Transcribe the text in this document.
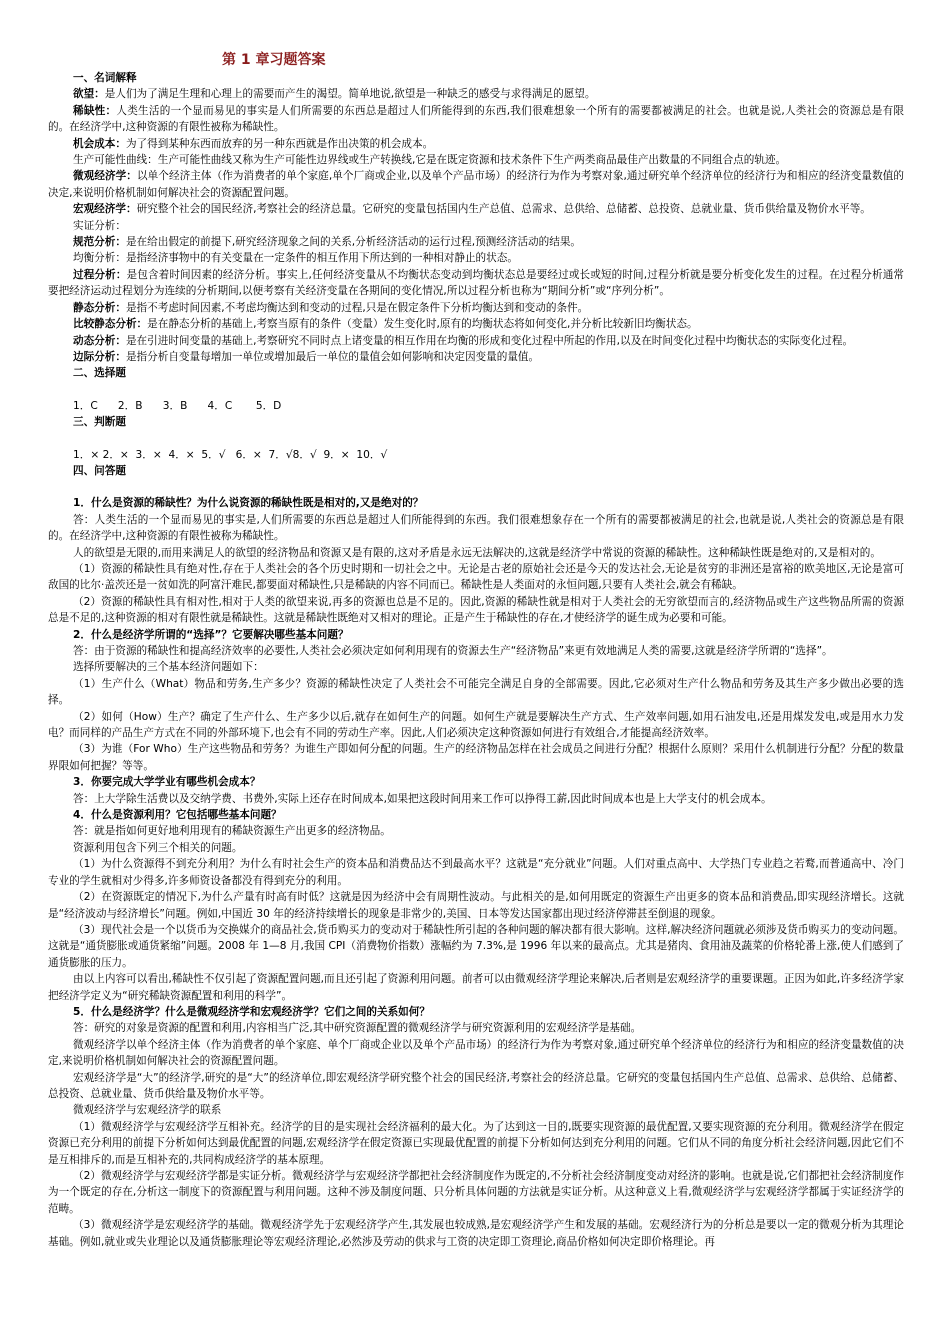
第 1 章习题答案
一、名词解释

欲望：是人们为了满足生理和心理上的需要而产生的渴望。简单地说,欲望是一种缺乏的感受与求得满足的愿望。

稀缺性：人类生活的一个显而易见的事实是人们所需要的东西总是超过人们所能得到的东西,我们很难想象一个所有的需要都被满足的社会。也就是说,人类社会的资源总是有限的。在经济学中,这种资源的有限性被称为稀缺性。

机会成本：为了得到某种东西而放弃的另一种东西就是作出决策的机会成本。

生产可能性曲线：生产可能性曲线又称为生产可能性边界线或生产转换线,它是在既定资源和技术条件下生产两类商品最佳产出数量的不同组合点的轨迹。

微观经济学：以单个经济主体（作为消费者的单个家庭,单个厂商或企业,以及单个产品市场）的经济行为作为考察对象,通过研究单个经济单位的经济行为和相应的经济变量数值的决定,来说明价格机制如何解决社会的资源配置问题。

宏观经济学：研究整个社会的国民经济,考察社会的经济总量。它研究的变量包括国内生产总值、总需求、总供给、总储蓄、总投资、总就业量、货币供给量及物价水平等。

实证分析：

规范分析：是在给出假定的前提下,研究经济现象之间的关系,分析经济活动的运行过程,预测经济活动的结果。

均衡分析：是指经济事物中的有关变量在一定条件的相互作用下所达到的一种相对静止的状态。

过程分析：是包含着时间因素的经济分析。事实上,任何经济变量从不均衡状态变动到均衡状态总是要经过或长或短的时间,过程分析就是要分析变化发生的过程。在过程分析通常要把经济运动过程划分为连续的分析期间,以便考察有关经济变量在各期间的变化情况,所以过程分析也称为“期间分析”或“序列分析”。

静态分析：是指不考虑时间因素,不考虑均衡达到和变动的过程,只是在假定条件下分析均衡达到和变动的条件。

比较静态分析：是在静态分析的基础上,考察当原有的条件（变量）发生变化时,原有的均衡状态将如何变化,并分析比较新旧均衡状态。

动态分析：是在引进时间变量的基础上,考察研究不同时点上诸变量的相互作用在均衡的形成和变化过程中所起的作用,以及在时间变化过程中均衡状态的实际变化过程。

边际分析：是指分析自变量每增加一单位或增加最后一单位的量值会如何影响和决定因变量的量值。

二、选择题
1．C      2．B      3．B      4．C       5．D
三、判断题
1．× 2．×  3．×  4．×  5．√   6．×  7．√8．√  9．×  10．√
四、问答题

1．什么是资源的稀缺性？为什么说资源的稀缺性既是相对的,又是绝对的？

答：人类生活的一个显而易见的事实是,人们所需要的东西总是超过人们所能得到的东西。我们很难想象存在一个所有的需要都被满足的社会,也就是说,人类社会的资源总是有限的。在经济学中,这种资源的有限性被称为稀缺性。

人的欲望是无限的,而用来满足人的欲望的经济物品和资源又是有限的,这对矛盾是永远无法解决的,这就是经济学中常说的资源的稀缺性。这种稀缺性既是绝对的,又是相对的。

（1）资源的稀缺性具有绝对性,存在于人类社会的各个历史时期和一切社会之中。无论是古老的原始社会还是今天的发达社会,无论是贫穷的非洲还是富裕的欧美地区,无论是富可敌国的比尔·盖茨还是一贫如洗的阿富汗难民,都要面对稀缺性,只是稀缺的内容不同而已。稀缺性是人类面对的永恒问题,只要有人类社会,就会有稀缺。

（2）资源的稀缺性具有相对性,相对于人类的欲望来说,再多的资源也总是不足的。因此,资源的稀缺性就是相对于人类社会的无穷欲望而言的,经济物品或生产这些物品所需的资源总是不足的,这种资源的相对有限性就是稀缺性。这就是稀缺性既绝对又相对的理论。正是产生于稀缺性的存在,才使经济学的诞生成为必要和可能。

2．什么是经济学所谓的“选择”？它要解决哪些基本问题？

答：由于资源的稀缺性和提高经济效率的必要性,人类社会必须决定如何利用现有的资源去生产“经济物品”来更有效地满足人类的需要,这就是经济学所谓的“选择”。

选择所要解决的三个基本经济问题如下：

（1）生产什么（What）物品和劳务,生产多少？资源的稀缺性决定了人类社会不可能完全满足自身的全部需要。因此,它必须对生产什么物品和劳务及其生产多少做出必要的选择。

（2）如何（How）生产？确定了生产什么、生产多少以后,就存在如何生产的问题。如何生产就是要解决生产方式、生产效率问题,如用石油发电,还是用煤发发电,或是用水力发电？而同样的产品生产方式在不同的外部环境下,也会有不同的劳动生产率。因此,人们必须决定这种资源如何进行有效组合,才能提高经济效率。

（3）为谁（For Who）生产这些物品和劳务？为谁生产即如何分配的问题。生产的经济物品怎样在社会成员之间进行分配？根据什么原则？采用什么机制进行分配？分配的数量界限如何把握？等等。

3．你要完成大学学业有哪些机会成本？

答：上大学除生活费以及交纳学费、书费外,实际上还存在时间成本,如果把这段时间用来工作可以挣得工薪,因此时间成本也是上大学支付的机会成本。

4．什么是资源利用？它包括哪些基本问题？

答：就是指如何更好地利用现有的稀缺资源生产出更多的经济物品。

资源利用包含下列三个相关的问题。

（1）为什么资源得不到充分利用？为什么有时社会生产的资本品和消费品达不到最高水平？这就是“充分就业”问题。人们对重点高中、大学热门专业趋之若鹜,而普通高中、冷门专业的学生就相对少得多,许多师资设备都没有得到充分的利用。

（2）在资源既定的情况下,为什么产量有时高有时低？这就是因为经济中会有周期性波动。与此相关的是,如何用既定的资源生产出更多的资本品和消费品,即实现经济增长。这就是“经济波动与经济增长”问题。例如,中国近 30 年的经济持续增长的现象是非常少的,美国、日本等发达国家都出现过经济停滞甚至倒退的现象。

（3）现代社会是一个以货币为交换媒介的商品社会,货币购买力的变动对于稀缺性所引起的各种问题的解决都有很大影响。这样,解决经济问题就必须涉及货币购买力的变动问题。这就是“通货膨胀或通货紧缩”问题。2008 年 1—8 月,我国 CPI（消费物价指数）涨幅约为 7.3%,是 1996 年以来的最高点。尤其是猪肉、食用油及蔬菜的价格轮番上涨,使人们感到了通货膨胀的压力。

由以上内容可以看出,稀缺性不仅引起了资源配置问题,而且还引起了资源利用问题。前者可以由微观经济学理论来解决,后者则是宏观经济学的重要课题。正因为如此,许多经济学家把经济学定义为“研究稀缺资源配置和利用的科学”。

5．什么是经济学？什么是微观经济学和宏观经济学？它们之间的关系如何？

答：研究的对象是资源的配置和利用,内容相当广泛,其中研究资源配置的微观经济学与研究资源利用的宏观经济学是基础。

微观经济学以单个经济主体（作为消费者的单个家庭、单个厂商或企业以及单个产品市场）的经济行为作为考察对象,通过研究单个经济单位的经济行为和相应的经济变量数值的决定,来说明价格机制如何解决社会的资源配置问题。

宏观经济学是“大”的经济学,研究的是“大”的经济单位,即宏观经济学研究整个社会的国民经济,考察社会的经济总量。它研究的变量包括国内生产总值、总需求、总供给、总储蓄、总投资、总就业量、货币供给量及物价水平等。

微观经济学与宏观经济学的联系

（1）微观经济学与宏观经济学互相补充。经济学的目的是实现社会经济福利的最大化。为了达到这一目的,既要实现资源的最优配置,又要实现资源的充分利用。微观经济学在假定资源已充分利用的前提下分析如何达到最优配置的问题,宏观经济学在假定资源已实现最优配置的前提下分析如何达到充分利用的问题。它们从不同的角度分析社会经济问题,因此它们不是互相排斥的,而是互相补充的,共同构成经济学的基本原理。

（2）微观经济学与宏观经济学都是实证分析。微观经济学与宏观经济学都把社会经济制度作为既定的,不分析社会经济制度变动对经济的影响。也就是说,它们都把社会经济制度作为一个既定的存在,分析这一制度下的资源配置与利用问题。这种不涉及制度问题、只分析具体问题的方法就是实证分析。从这种意义上看,微观经济学与宏观经济学都属于实证经济学的范畴。

（3）微观经济学是宏观经济学的基础。微观经济学先于宏观经济学产生,其发展也较成熟,是宏观经济学产生和发展的基础。宏观经济行为的分析总是要以一定的微观分析为其理论基础。例如,就业或失业理论以及通货膨胀理论等宏观经济理论,必然涉及劳动的供求与工资的决定即工资理论,商品价格如何决定即价格理论。再
